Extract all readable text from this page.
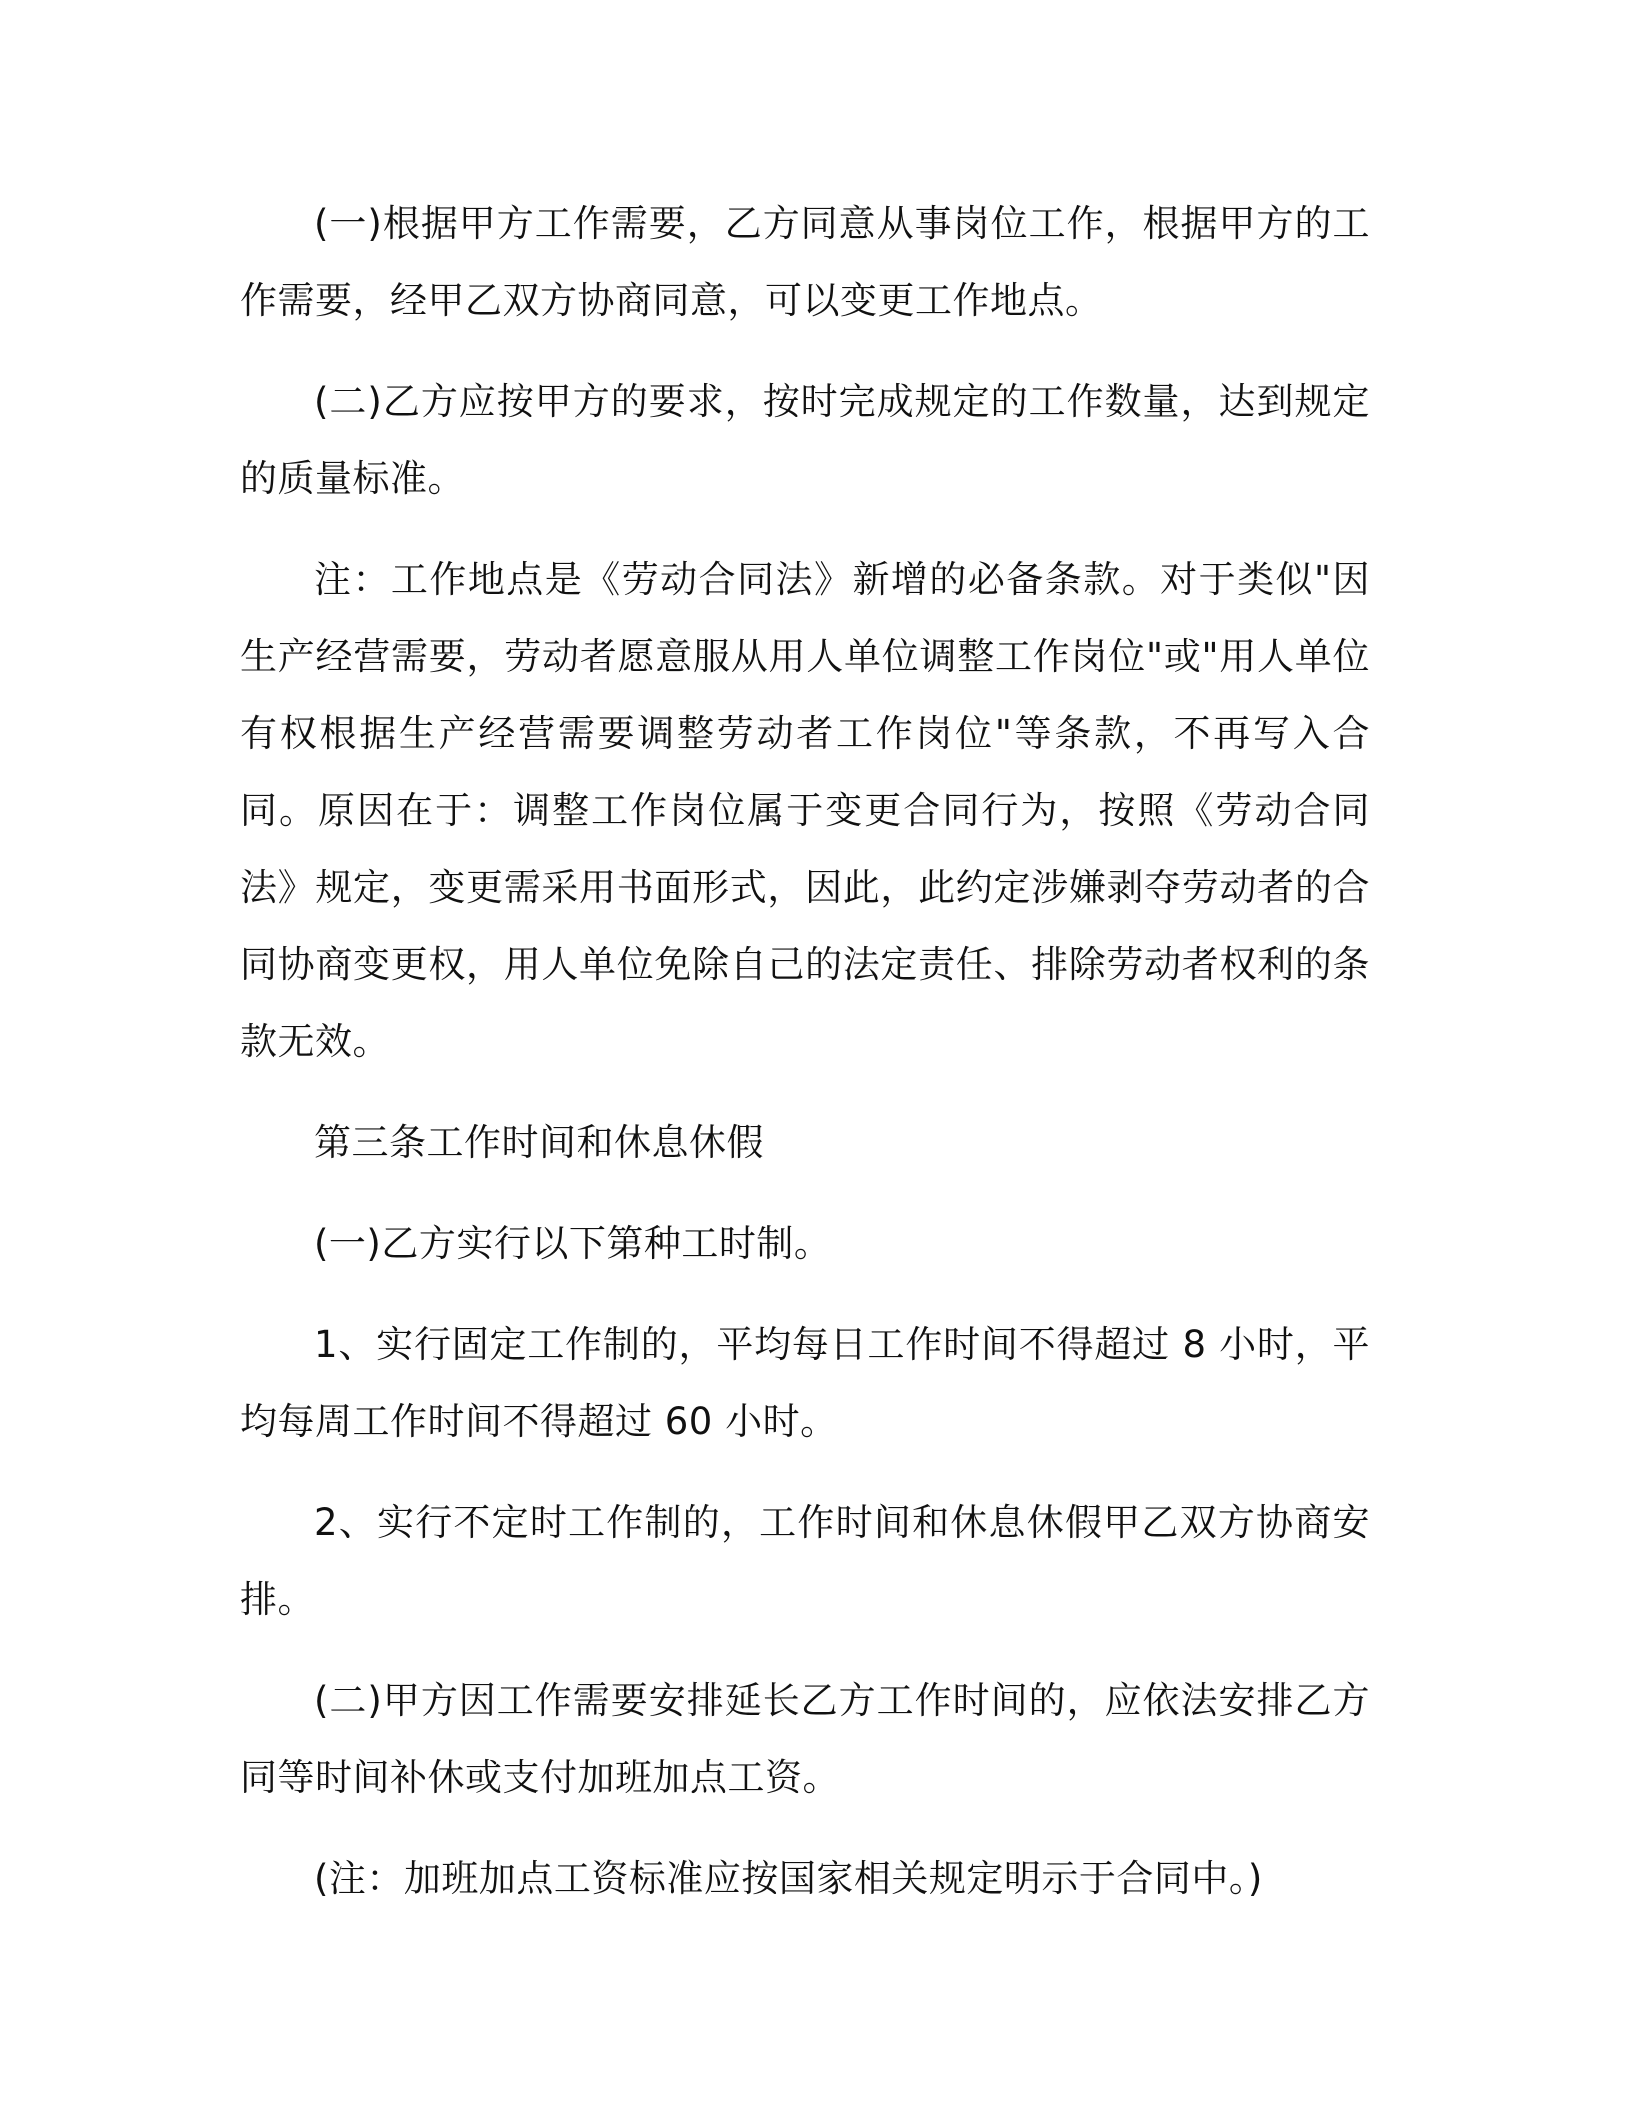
(一)根据甲方工作需要，乙方同意从事岗位工作，根据甲方的工作需要，经甲乙双方协商同意，可以变更工作地点。

(二)乙方应按甲方的要求，按时完成规定的工作数量，达到规定的质量标准。

注：工作地点是《劳动合同法》新增的必备条款。对于类似"因生产经营需要，劳动者愿意服从用人单位调整工作岗位"或"用人单位有权根据生产经营需要调整劳动者工作岗位"等条款，不再写入合同。原因在于：调整工作岗位属于变更合同行为，按照《劳动合同法》规定，变更需采用书面形式，因此，此约定涉嫌剥夺劳动者的合同协商变更权，用人单位免除自己的法定责任、排除劳动者权利的条款无效。

第三条工作时间和休息休假

(一)乙方实行以下第种工时制。

1、实行固定工作制的，平均每日工作时间不得超过 8 小时，平均每周工作时间不得超过 60 小时。

2、实行不定时工作制的，工作时间和休息休假甲乙双方协商安排。

(二)甲方因工作需要安排延长乙方工作时间的，应依法安排乙方同等时间补休或支付加班加点工资。

(注：加班加点工资标准应按国家相关规定明示于合同中。)
